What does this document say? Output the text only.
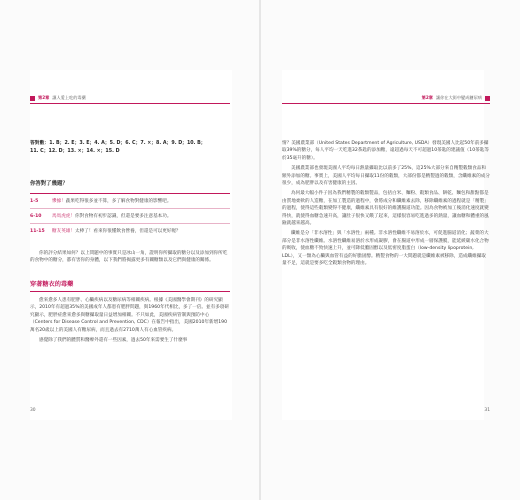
第2章 讓人愛上吃的毒藥	第2章 讓你在大街中變成糖尿病
答對數：1. B；2. E；3. E；4. A；5. D；6. C；7. ×；8. A；9. D；10. B；
11. C；12. D；13. ×；14. ×；15. D
你答對了幾題？
1-5	慘綠！蔬果吃得很多並不算，多了解食物對健康的影響吧。
6-10	馬馬虎虎！你對食物有初步認識，但還是要多注意基本功。
11-15	糖友英雄！太棒了！看來你很懂飲食營養，但還是可以更好喔？

你的評分結果如何？以上問題中的事實只是冰山一角，證明你所攝取的糖分以及添加到你所吃的食物中的糖分，都有害你的身體，以下我們將揭露更多有關糖類以及它們與健康的關係。

穿著糖衣的毒藥

愈來愈多人患有肥胖、心臟疾病以及糖尿病等相關疾病。根據《美國醫學會期刊》的研究顯示，2010年有超過35%的美國成年人都患有肥胖問題，與1960年代相比，多了一倍。並有多項研究顯示，肥胖症愈來愈多與糖攝取量日益增加相關。不只如此，美國疾病管制與預防中心（Centers for Disease Control and Prevention, CDC）在報告中指出，美國2010年新增190萬名20歲以上的美國人有糖尿病，而且過去有2710萬人有心血管疾病。

感覺除了我們的體質和醫療外還有一些因素，過去50年來需要生了什麼事

情？美國農業部（United States Department of Agriculture, USDA）發現美國人比起50年前多攝取39%的糖分，每人平均一天吃進32茶匙的添加糖，遠超過每天不可超過10茶匙的建議值（10茶匙等於35毫升的糖）。

美國農業部也發現美國人平均每日熱量攝取比以前多了25%，這25%大部分來自精製穀類食品和額外添加的糖。事實上，美國人平均每日攝取11份的穀類，大部份都是精製過的穀類，含纖維素的成分很少，成為肥胖以及有害健康的主因。

為何最大幅小件子因為我們精製的穀類製品，包括白米、麵粉、穀類食品、餅乾、麵包和甜點都是由質地柔軟的人造糖，在加工製造的過程中，會將成分和纖維素去除，移除纖維素的過程就是「精製」的過程，使得這些穀類變得不健康，纖維素具有很好的維護腸道功能。因為食物被加工後消化速度就變得快，就使得血糖急速升高，讓肚子很快又餓了起來，這樣很容易吃進過多的熱量，讓血糖和體重的風險就越來越高。

纖維是分「非水溶性」與「水溶性」兩種。非水溶性纖維不易溶於水，可促進腸道消化；蔬菜的大部分是非水溶性纖維。水溶性纖維易溶於水形成凝膠，會在腸道中形成一層保護膜，能延緩碳水化合物的吸收，使血糖不致快速上升，並可降低膽固醇以及低密度脂蛋白（low-density lipoprotein, LDL），又一類為心臟與血管有益的好膽固醇。精製食物的一大問題就是纖維素被移除，造成纖維攝取量不足，這就是要多吃全穀類食物的理由。

30	31
